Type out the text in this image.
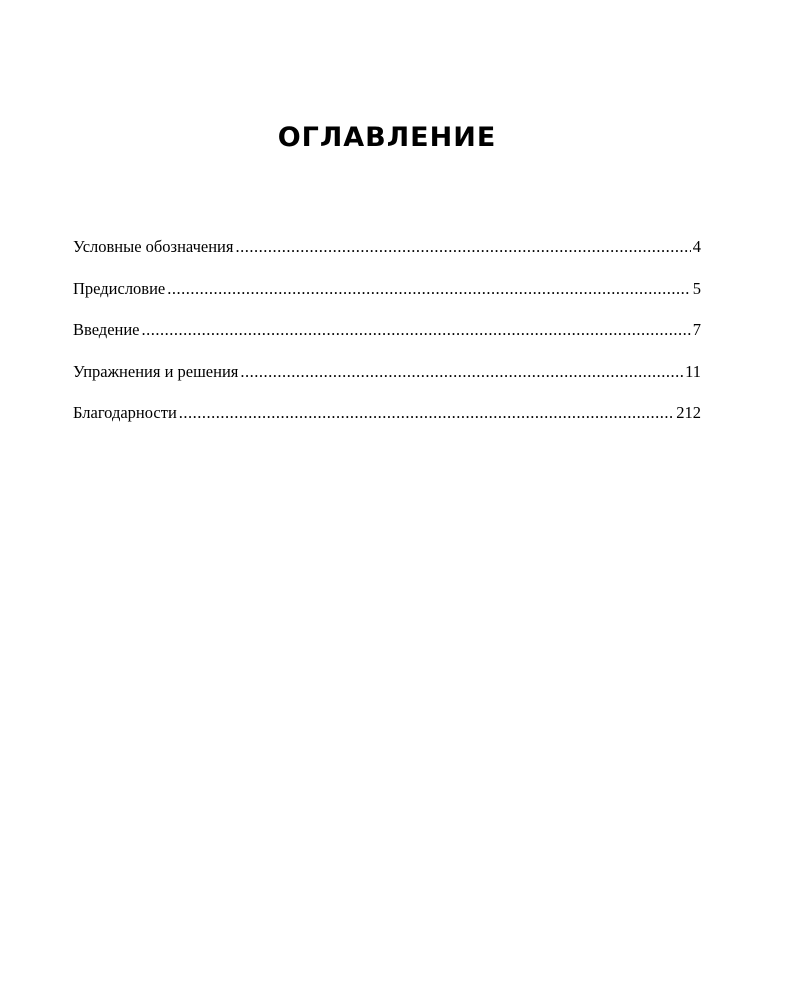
ОГЛАВЛЕНИЕ
Условные обозначения .....	4
Предисловие .....	5
Введение .....	7
Упражнения и решения .....	11
Благодарности .....	212
